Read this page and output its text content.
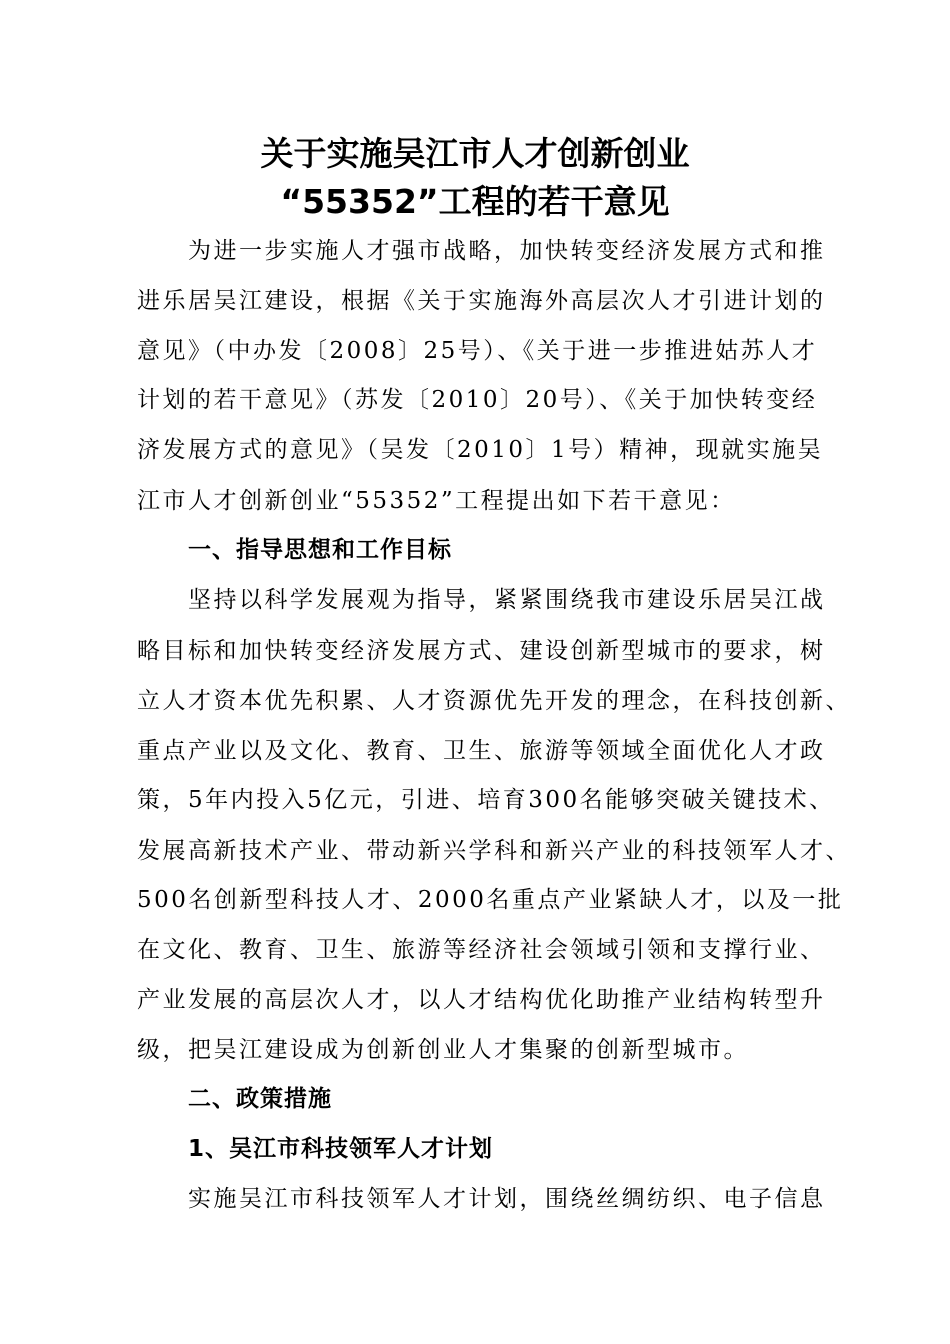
关于实施吴江市人才创新创业
“55352”工程的若干意见
为进一步实施人才强市战略，加快转变经济发展方式和推
进乐居吴江建设，根据《关于实施海外高层次人才引进计划的
意见》（中办发〔2008〕25号）、《关于进一步推进姑苏人才
计划的若干意见》（苏发〔2010〕20号）、《关于加快转变经
济发展方式的意见》（吴发〔2010〕1号）精神，现就实施吴
江市人才创新创业“55352”工程提出如下若干意见：
一、指导思想和工作目标
坚持以科学发展观为指导，紧紧围绕我市建设乐居吴江战
略目标和加快转变经济发展方式、建设创新型城市的要求，树
立人才资本优先积累、人才资源优先开发的理念，在科技创新、
重点产业以及文化、教育、卫生、旅游等领域全面优化人才政
策，5年内投入5亿元，引进、培育300名能够突破关键技术、
发展高新技术产业、带动新兴学科和新兴产业的科技领军人才、
500名创新型科技人才、2000名重点产业紧缺人才，以及一批
在文化、教育、卫生、旅游等经济社会领域引领和支撑行业、
产业发展的高层次人才，以人才结构优化助推产业结构转型升
级，把吴江建设成为创新创业人才集聚的创新型城市。
二、政策措施
1、吴江市科技领军人才计划
实施吴江市科技领军人才计划，围绕丝绸纺织、电子信息
